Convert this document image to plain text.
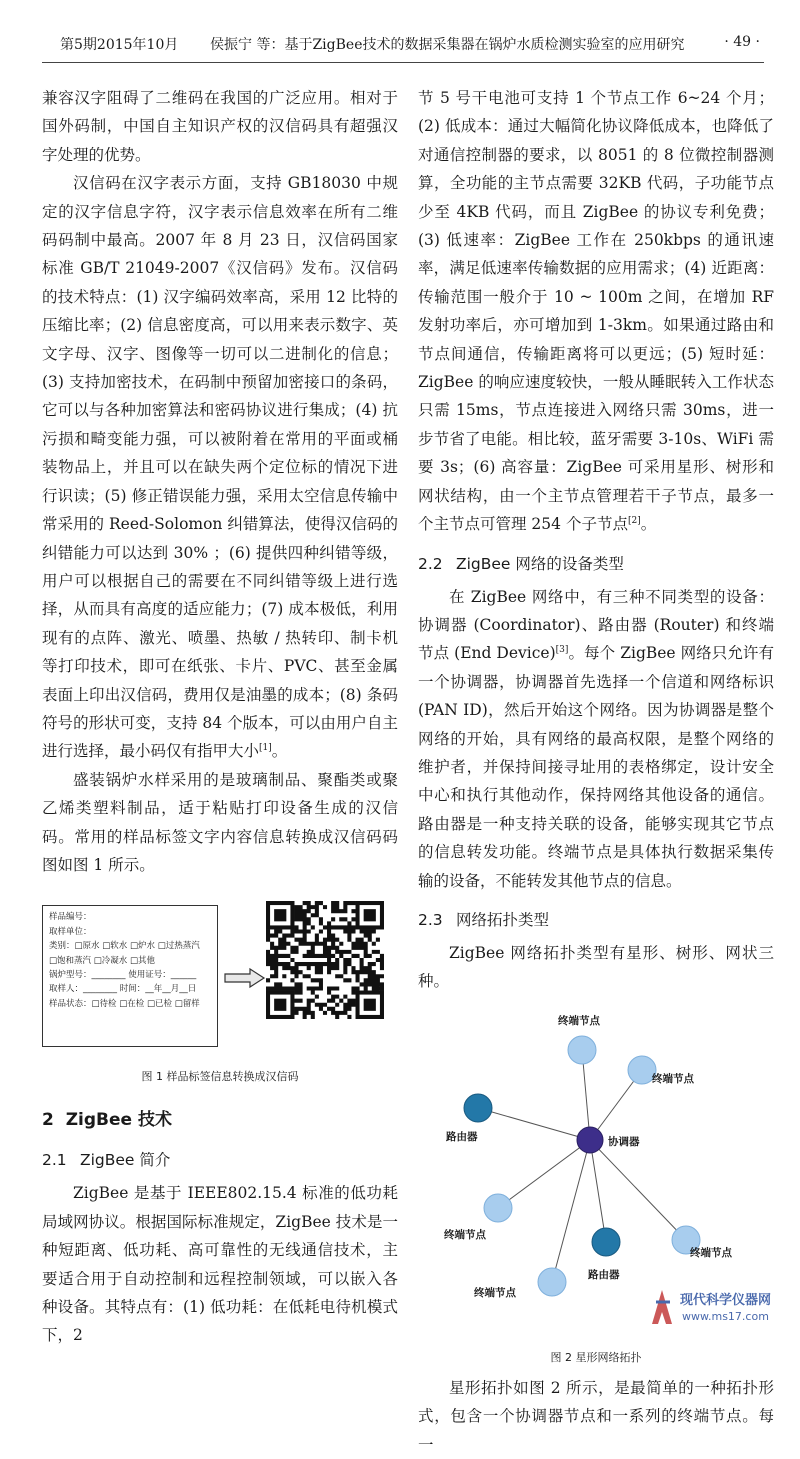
第5期2015年10月 侯振宁 等：基于ZigBee技术的数据采集器在锅炉水质检测实验室的应用研究	· 49 ·

兼容汉字阻碍了二维码在我国的广泛应用。相对于国外码制，中国自主知识产权的汉信码具有超强汉字处理的优势。

汉信码在汉字表示方面，支持 GB18030 中规定的汉字信息字符，汉字表示信息效率在所有二维码码制中最高。2007 年 8 月 23 日，汉信码国家标准 GB/T 21049-2007《汉信码》发布。汉信码的技术特点：(1) 汉字编码效率高，采用 12 比特的压缩比率；(2) 信息密度高，可以用来表示数字、英文字母、汉字、图像等一切可以二进制化的信息；(3) 支持加密技术，在码制中预留加密接口的条码，它可以与各种加密算法和密码协议进行集成；(4) 抗污损和畸变能力强，可以被附着在常用的平面或桶装物品上，并且可以在缺失两个定位标的情况下进行识读；(5) 修正错误能力强，采用太空信息传输中常采用的 Reed-Solomon 纠错算法，使得汉信码的纠错能力可以达到 30% ；(6) 提供四种纠错等级，用户可以根据自己的需要在不同纠错等级上进行选择，从而具有高度的适应能力；(7) 成本极低，利用现有的点阵、激光、喷墨、热敏 / 热转印、制卡机等打印技术，即可在纸张、卡片、PVC、甚至金属表面上印出汉信码，费用仅是油墨的成本；(8) 条码符号的形状可变，支持 84 个版本，可以由用户自主进行选择，最小码仅有指甲大小[1]。

盛装锅炉水样采用的是玻璃制品、聚酯类或聚乙烯类塑料制品，适于粘贴打印设备生成的汉信码。常用的样品标签文字内容信息转换成汉信码码图如图 1 所示。

样品编号：
取样单位：
类别：□原水 □软水 □炉水 □过热蒸汽
□饱和蒸汽 □冷凝水 □其他
锅炉型号：________ 使用证号：______
取样人：________ 时间：__年__月__日
样品状态：□待检 □在检 □已检 □留样
图 1 样品标签信息转换成汉信码
2 ZigBee 技术
2.1 ZigBee 简介

ZigBee 是基于 IEEE802.15.4 标准的低功耗局域网协议。根据国际标准规定，ZigBee 技术是一种短距离、低功耗、高可靠性的无线通信技术，主要适合用于自动控制和远程控制领域，可以嵌入各种设备。其特点有：(1) 低功耗：在低耗电待机模式下，2

节 5 号干电池可支持 1 个节点工作 6~24 个月；(2) 低成本：通过大幅简化协议降低成本，也降低了对通信控制器的要求，以 8051 的 8 位微控制器测算，全功能的主节点需要 32KB 代码，子功能节点少至 4KB 代码，而且 ZigBee 的协议专利免费；(3) 低速率：ZigBee 工作在 250kbps 的通讯速率，满足低速率传输数据的应用需求；(4) 近距离：传输范围一般介于 10 ~ 100m 之间，在增加 RF 发射功率后，亦可增加到 1-3km。如果通过路由和节点间通信，传输距离将可以更远；(5) 短时延：ZigBee 的响应速度较快，一般从睡眠转入工作状态只需 15ms，节点连接进入网络只需 30ms，进一步节省了电能。相比较，蓝牙需要 3-10s、WiFi 需要 3s；(6) 高容量：ZigBee 可采用星形、树形和网状结构，由一个主节点管理若干子节点，最多一个主节点可管理 254 个子节点[2]。

2.2 ZigBee 网络的设备类型

在 ZigBee 网络中，有三种不同类型的设备：协调器 (Coordinator)、路由器 (Router) 和终端节点 (End Device)[3]。每个 ZigBee 网络只允许有一个协调器，协调器首先选择一个信道和网络标识 (PAN ID)，然后开始这个网络。因为协调器是整个网络的开始，具有网络的最高权限，是整个网络的维护者，并保持间接寻址用的表格绑定，设计安全中心和执行其他动作，保持网络其他设备的通信。路由器是一种支持关联的设备，能够实现其它节点的信息转发功能。终端节点是具体执行数据采集传输的设备，不能转发其他节点的信息。

2.3 网络拓扑类型

ZigBee 网络拓扑类型有星形、树形、网状三种。

终端节点
终端节点
路由器	协调器
终端节点
终端节点
路由器
终端节点
图 2 星形网络拓扑

星形拓扑如图 2 所示，是最简单的一种拓扑形式，包含一个协调器节点和一系列的终端节点。每一

现代科学仪器网
www.ms17.com
